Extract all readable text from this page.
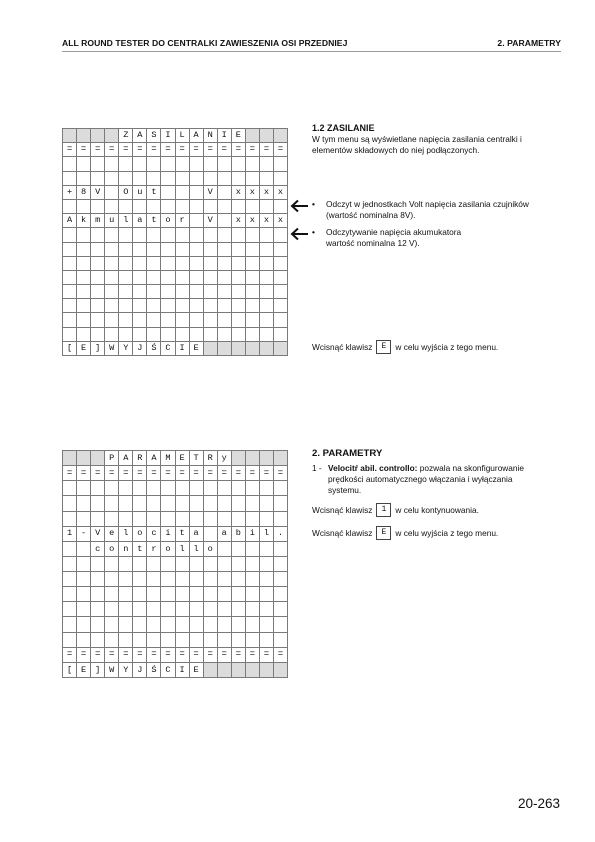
ALL ROUND TESTER DO CENTRALKI ZAWIESZENIA OSI PRZEDNIEJ	2. PARAMETRY
				Z	A	S	I	L	A	N	I	E			
=	=	=	=	=	=	=	=	=	=	=	=	=	=	=	=

+	8	V		O	u	t				V		x	x	x	x

A	k	m	u	l	a	t	o	r		V		x	x	x	x

[	E	]	W	Y	J	Ś	C	I	E						
1.2 ZASILANIE
W tym menu są wyświetlane napięcia zasilania centralki i
elementów składowych do niej podłączonych.
• Odczyt w jednostkach Volt napięcia zasilania czujników
(wartość nominalna 8V).
• Odczytywanie napięcia akumukatora
wartość nominalna 12 V).
Wcisnąć klawisz E w celu wyjścia z tego menu.
			P	A	R	A	M	E	T	R	y				
=	=	=	=	=	=	=	=	=	=	=	=	=	=	=	=

1	-	V	e	l	o	c	i	t	a		a	b	i	l	.
		c	o	n	t	r	o	l	l	o					

=	=	=	=	=	=	=	=	=	=	=	=	=	=	=	=
[	E	]	W	Y	J	Ś	C	I	E						
2. PARAMETRY
1 - Velocitŕ abil. controllo: pozwala na skonfigurowanie
prędkości automatycznego włączania i wyłączania
systemu.
Wcisnąć klawisz 1 w celu kontynuowania.
Wcisnąć klawisz E w celu wyjścia z tego menu.
20-263
